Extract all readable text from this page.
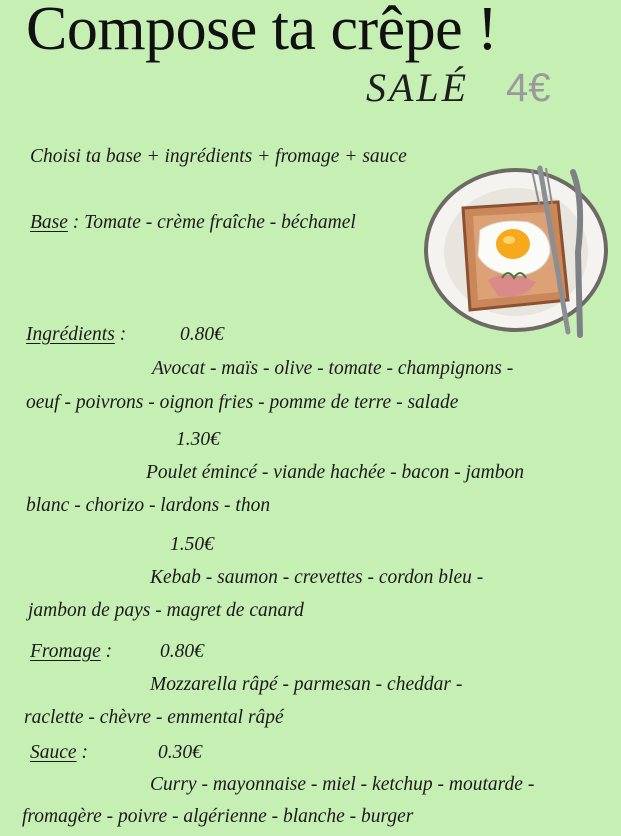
Compose ta crêpe !
SALÉ 4€
Choisi ta base + ingrédients + fromage + sauce
Base : Tomate - crème fraîche - béchamel
Ingrédients :	0.80€
Avocat - maïs - olive - tomate - champignons -
oeuf - poivrons - oignon fries - pomme de terre - salade
1.30€
Poulet émincé - viande hachée - bacon - jambon
blanc - chorizo - lardons - thon
1.50€
Kebab - saumon - crevettes - cordon bleu -
jambon de pays - magret de canard
Fromage : 0.80€
Mozzarella râpé - parmesan - cheddar -
raclette - chèvre - emmental râpé
Sauce :	0.30€
Curry - mayonnaise - miel - ketchup - moutarde -
fromagère - poivre - algérienne - blanche - burger
